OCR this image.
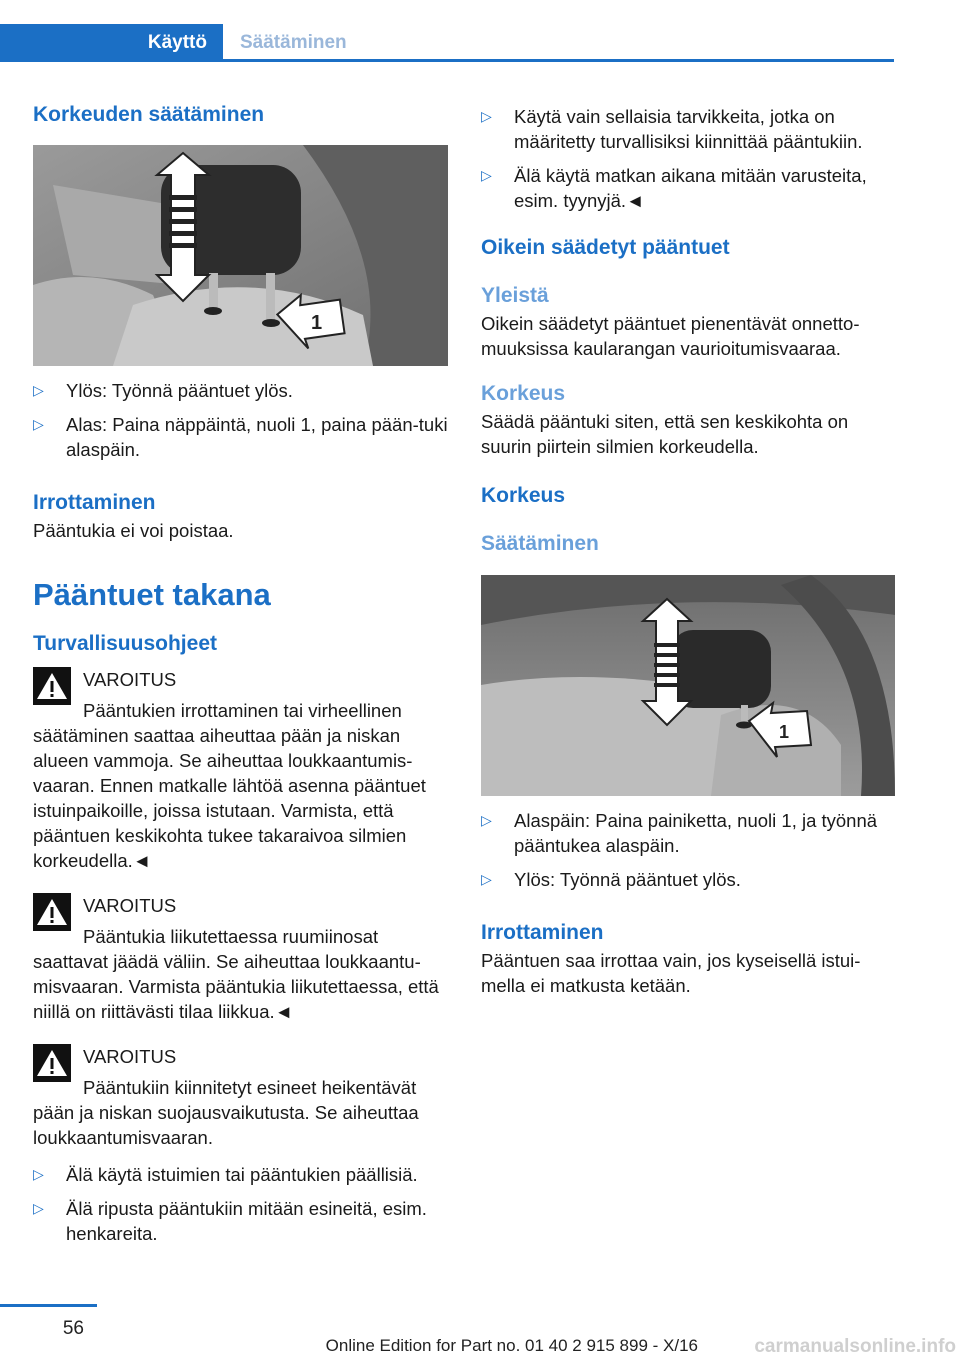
Käyttö Säätäminen
Korkeuden säätäminen
1
▷ Ylös: Työnnä pääntuet ylös.
▷ Alas: Paina näppäintä, nuoli 1, paina pään-tuki alaspäin.
Irrottaminen

Pääntukia ei voi poistaa.

Pääntuet takana
Turvallisuusohjeet

VAROITUS

Pääntukien irrottaminen tai virheellinen

säätäminen saattaa aiheuttaa pään ja niskan alueen vammoja. Se aiheuttaa loukkaantumis-vaaran. Ennen matkalle lähtöä asenna pääntuet istuinpaikoille, joissa istutaan. Varmista, että pääntuen keskikohta tukee takaraivoa silmien korkeudella.◄

VAROITUS

Pääntukia liikutettaessa ruumiinosat

saattavat jäädä väliin. Se aiheuttaa loukkaantu-misvaaran. Varmista pääntukia liikutettaessa, että niillä on riittävästi tilaa liikkua.◄

VAROITUS

Pääntukiin kiinnitetyt esineet heikentävät

pään ja niskan suojausvaikutusta. Se aiheuttaa loukkaantumisvaaran.

▷ Älä käytä istuimien tai pääntukien päällisiä.
▷ Älä ripusta pääntukiin mitään esineitä, esim. henkareita.
▷ Käytä vain sellaisia tarvikkeita, jotka on määritetty turvallisiksi kiinnittää pääntukiin.
▷ Älä käytä matkan aikana mitään varusteita, esim. tyynyjä.◄
Oikein säädetyt pääntuet
Yleistä

Oikein säädetyt pääntuet pienentävät onnetto-muuksissa kaularangan vaurioitumisvaaraa.

Korkeus

Säädä pääntuki siten, että sen keskikohta on suurin piirtein silmien korkeudella.

Korkeus
Säätäminen
1
▷ Alaspäin: Paina painiketta, nuoli 1, ja työnnä pääntukea alaspäin.
▷ Ylös: Työnnä pääntuet ylös.
Irrottaminen

Pääntuen saa irrottaa vain, jos kyseisellä istui-mella ei matkusta ketään.

56
Online Edition for Part no. 01 40 2 915 899 - X/16	carmanualsonline.info
